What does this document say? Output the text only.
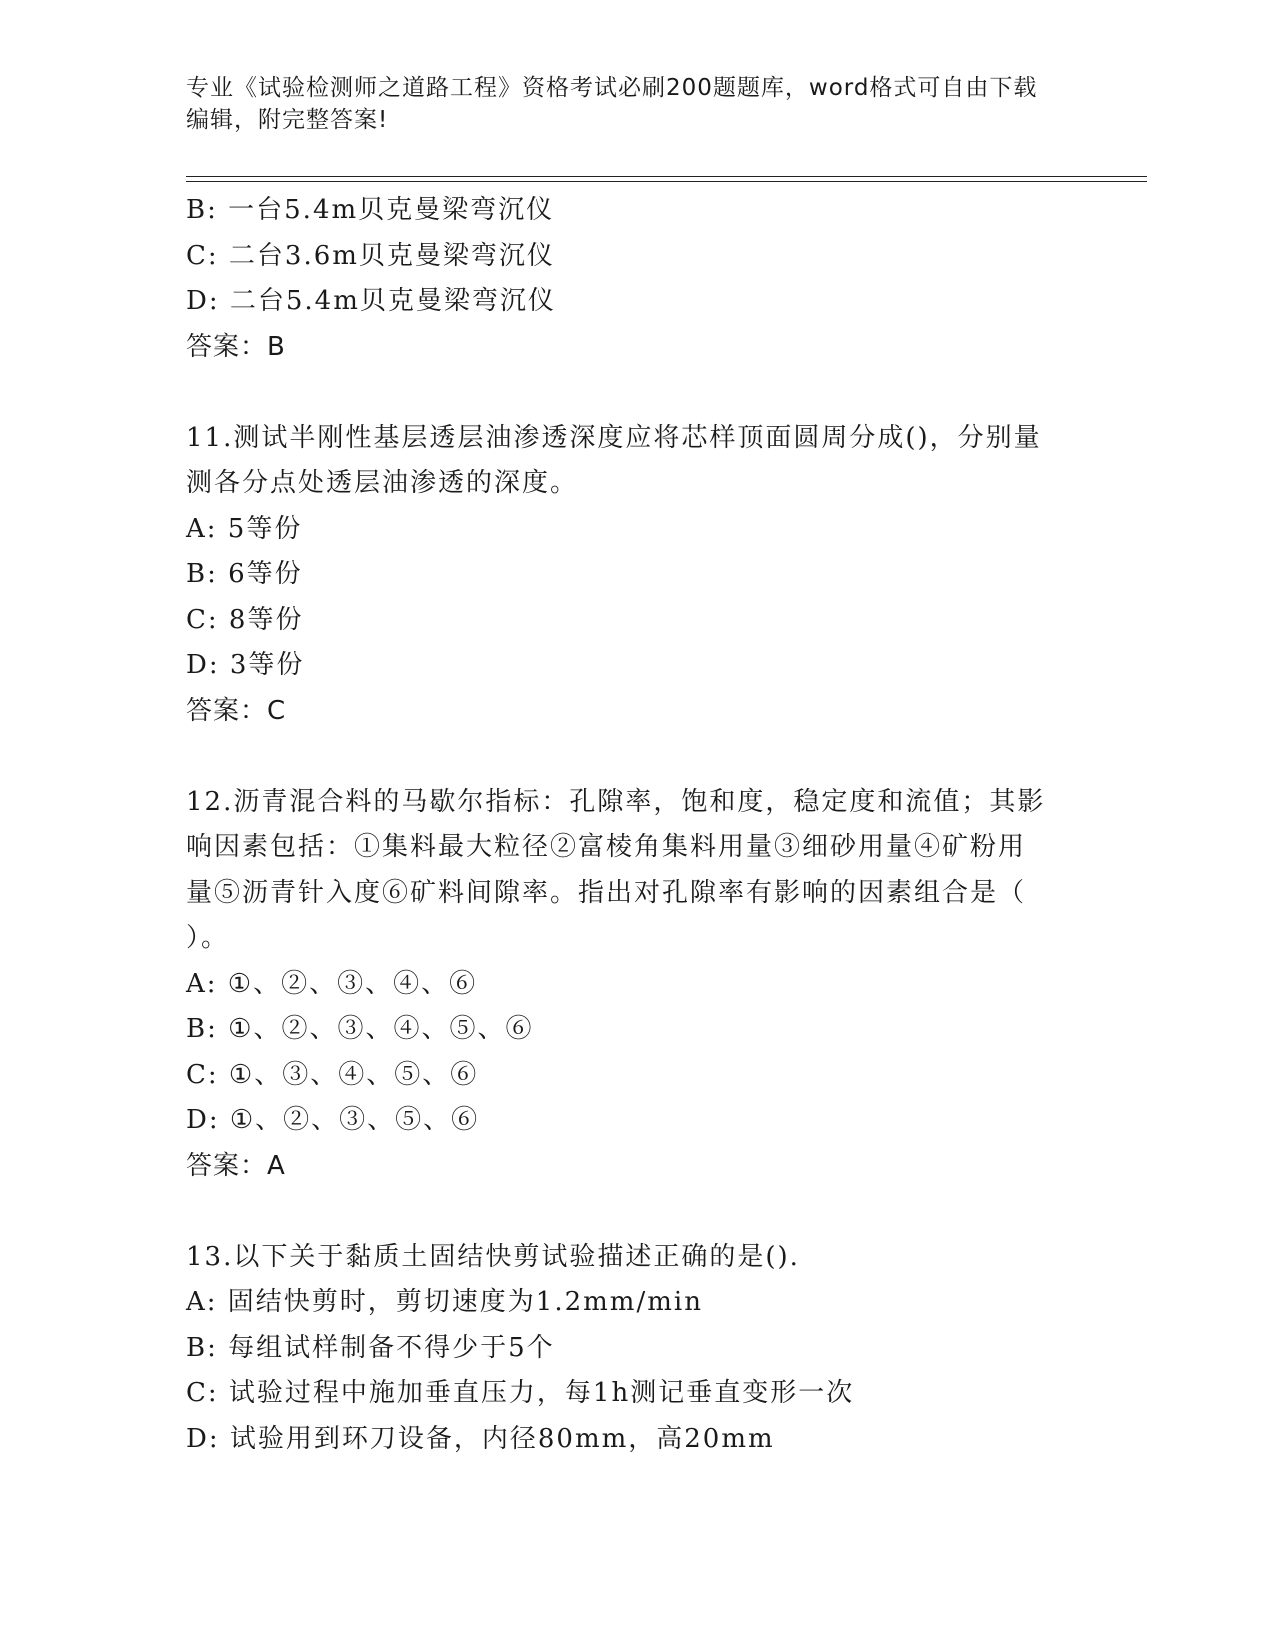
专业《试验检测师之道路工程》资格考试必刷200题题库，word格式可自由下载
编辑，附完整答案!
B: 一台5.4m贝克曼梁弯沉仪
C: 二台3.6m贝克曼梁弯沉仪
D: 二台5.4m贝克曼梁弯沉仪
答案：B
11.测试半刚性基层透层油渗透深度应将芯样顶面圆周分成()，分别量
测各分点处透层油渗透的深度。
A: 5等份
B: 6等份
C: 8等份
D: 3等份
答案：C
12.沥青混合料的马歇尔指标：孔隙率，饱和度，稳定度和流值；其影
响因素包括：①集料最大粒径②富棱角集料用量③细砂用量④矿粉用
量⑤沥青针入度⑥矿料间隙率。指出对孔隙率有影响的因素组合是（
）。
A: ①、②、③、④、⑥
B: ①、②、③、④、⑤、⑥
C: ①、③、④、⑤、⑥
D: ①、②、③、⑤、⑥
答案：A
13.以下关于黏质土固结快剪试验描述正确的是().
A: 固结快剪时，剪切速度为1.2mm/min
B: 每组试样制备不得少于5个
C: 试验过程中施加垂直压力，每1h测记垂直变形一次
D: 试验用到环刀设备，内径80mm，高20mm
